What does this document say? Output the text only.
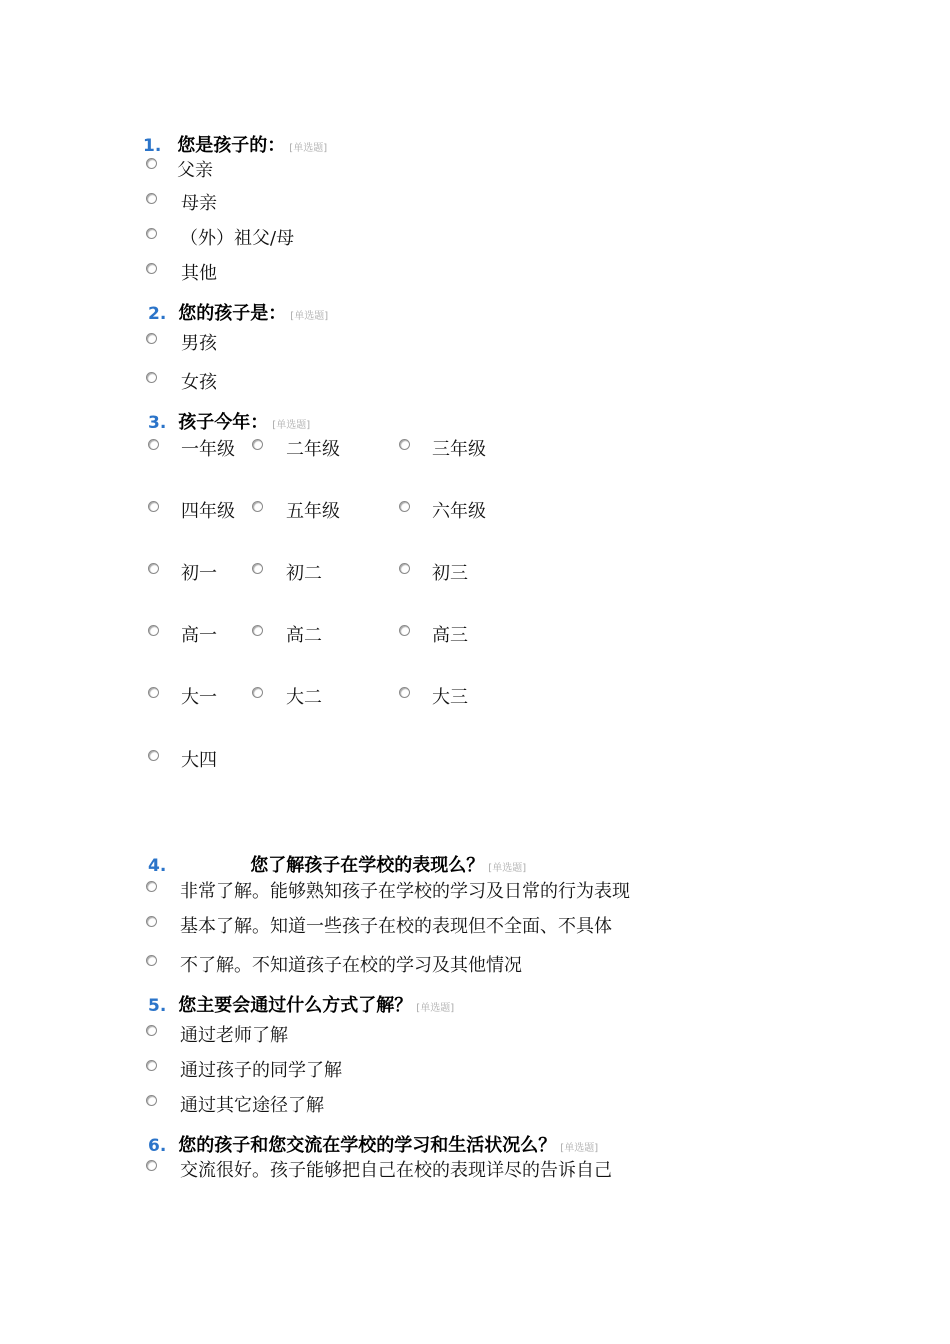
1. 您是孩子的： [单选题]
父亲
母亲
（外）祖父/母
其他
2. 您的孩子是： [单选题]
男孩
女孩
3. 孩子今年： [单选题]
一年级	二年级	三年级
四年级	五年级	六年级
初一	初二	初三
高一	高二	高三
大一	大二	大三
大四
4.	您了解孩子在学校的表现么？ [单选题]
非常了解。能够熟知孩子在学校的学习及日常的行为表现
基本了解。知道一些孩子在校的表现但不全面、不具体
不了解。不知道孩子在校的学习及其他情况
5. 您主要会通过什么方式了解？ [单选题]
通过老师了解
通过孩子的同学了解
通过其它途径了解
6. 您的孩子和您交流在学校的学习和生活状况么？ [单选题]
交流很好。孩子能够把自己在校的表现详尽的告诉自己
